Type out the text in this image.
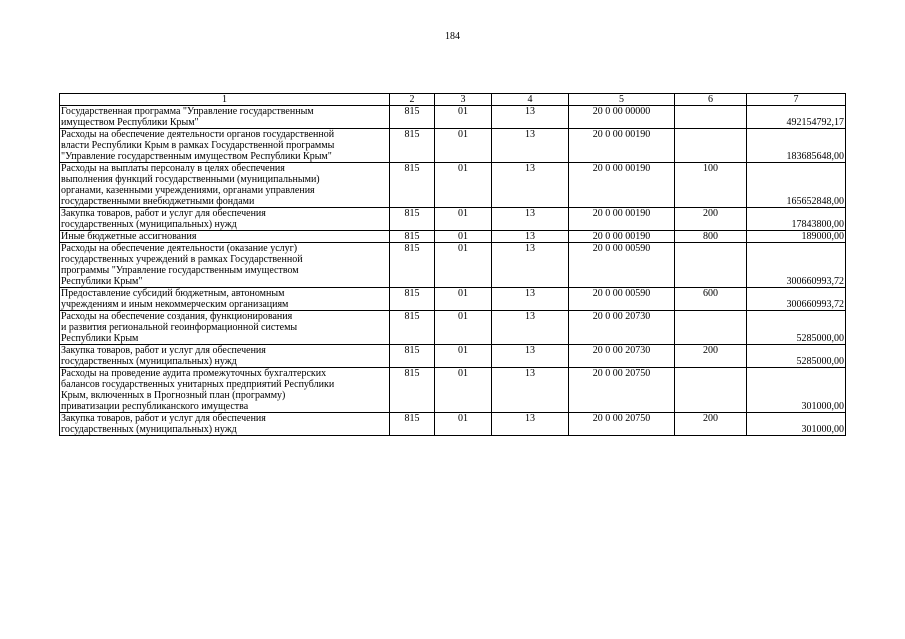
184
1	2	3	4	5	6	7
Государственная программа "Управление государственным
имуществом Республики Крым"	815	01	13	20 0 00 00000		492154792,17
Расходы на обеспечение деятельности органов государственной
власти Республики Крым в рамках Государственной программы
"Управление государственным имуществом Республики Крым"	815	01	13	20 0 00 00190		183685648,00
Расходы на выплаты персоналу в целях обеспечения
выполнения функций государственными (муниципальными)
органами, казенными учреждениями, органами управления
государственными внебюджетными фондами	815	01	13	20 0 00 00190	100	165652848,00
Закупка товаров, работ и услуг для обеспечения
государственных (муниципальных) нужд	815	01	13	20 0 00 00190	200	17843800,00
Иные бюджетные ассигнования	815	01	13	20 0 00 00190	800	189000,00
Расходы на обеспечение деятельности (оказание услуг)
государственных учреждений в рамках Государственной
программы "Управление государственным имуществом
Республики Крым"	815	01	13	20 0 00 00590		300660993,72
Предоставление субсидий бюджетным, автономным
учреждениям и иным некоммерческим организациям	815	01	13	20 0 00 00590	600	300660993,72
Расходы на обеспечение создания, функционирования
и развития региональной геоинформационной системы
Республики Крым	815	01	13	20 0 00 20730		5285000,00
Закупка товаров, работ и услуг для обеспечения
государственных (муниципальных) нужд	815	01	13	20 0 00 20730	200	5285000,00
Расходы на проведение аудита промежуточных бухгалтерских
балансов государственных унитарных предприятий Республики
Крым, включенных в Прогнозный план (программу)
приватизации республиканского имущества	815	01	13	20 0 00 20750		301000,00
Закупка товаров, работ и услуг для обеспечения
государственных (муниципальных) нужд	815	01	13	20 0 00 20750	200	301000,00
